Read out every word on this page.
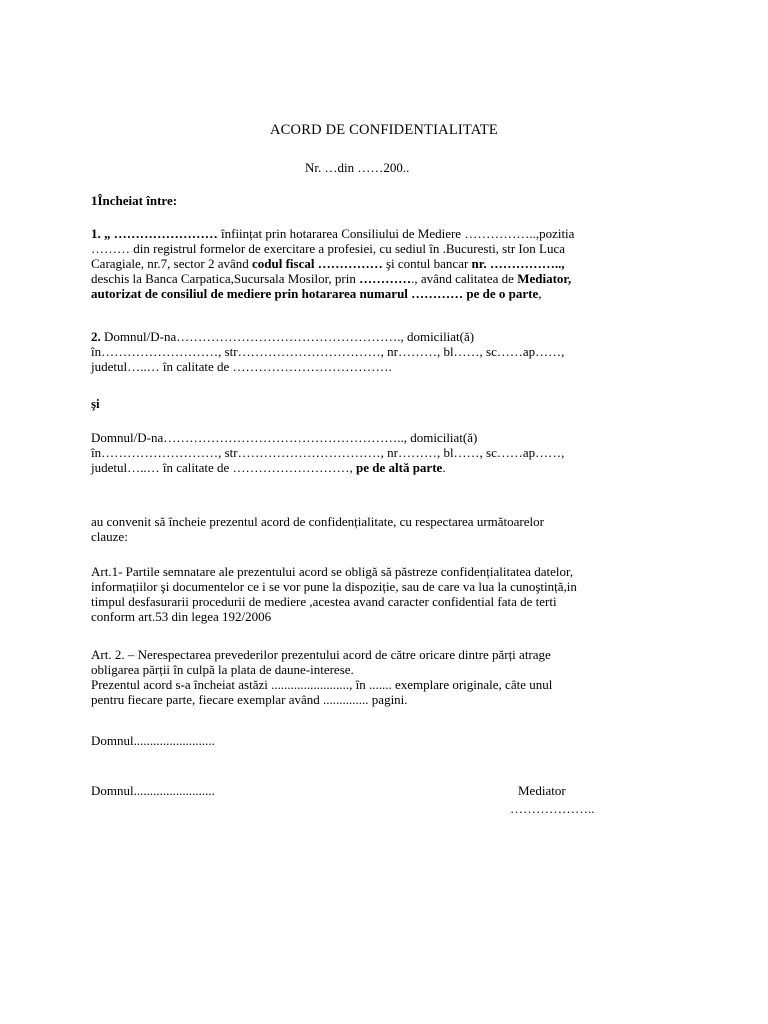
ACORD DE CONFIDENTIALITATE
Nr. …din ……200..
1Încheiat între:
1. „ …………………… înființat prin hotararea Consiliului de Mediere ……………..,pozitia
……… din registrul formelor de exercitare a profesiei, cu sediul în .Bucuresti, str Ion Luca
Caragiale, nr.7, sector 2 având codul fiscal …………… şi contul bancar nr. ……………..,
deschis la Banca Carpatica,Sucursala Mosilor, prin …………., având calitatea de Mediator,
autorizat de consiliul de mediere prin hotararea numarul ………… pe de o parte,
2. Domnul/D-na……………………………………………., domiciliat(ă)
în………………………, str……………………………, nr………, bl……, sc……ap……,
judetul…..… în calitate de ……………………………….
şi
Domnul/D-na……………………………………………….., domiciliat(ă)
în………………………, str……………………………, nr………, bl……, sc……ap……,
judetul…..… în calitate de ………………………, pe de altă parte.
au convenit să încheie prezentul acord de confidențialitate, cu respectarea următoarelor
clauze:
Art.1- Partile semnatare ale prezentului acord se obligă să păstreze confidențialitatea datelor,
informațiilor şi documentelor ce i se vor pune la dispoziție, sau de care va lua la cunoştință,in
timpul desfasurarii procedurii de mediere ,acestea avand caracter confidential fata de terti
conform art.53 din legea 192/2006
Art. 2. – Nerespectarea prevederilor prezentului acord de către oricare dintre părți atrage
obligarea părții în culpă la plata de daune-interese.
Prezentul acord s-a încheiat astăzi ........................, în ....... exemplare originale, câte unul
pentru fiecare parte, fiecare exemplar având .............. pagini.
Domnul.........................
Domnul.........................	Mediator
………………..
